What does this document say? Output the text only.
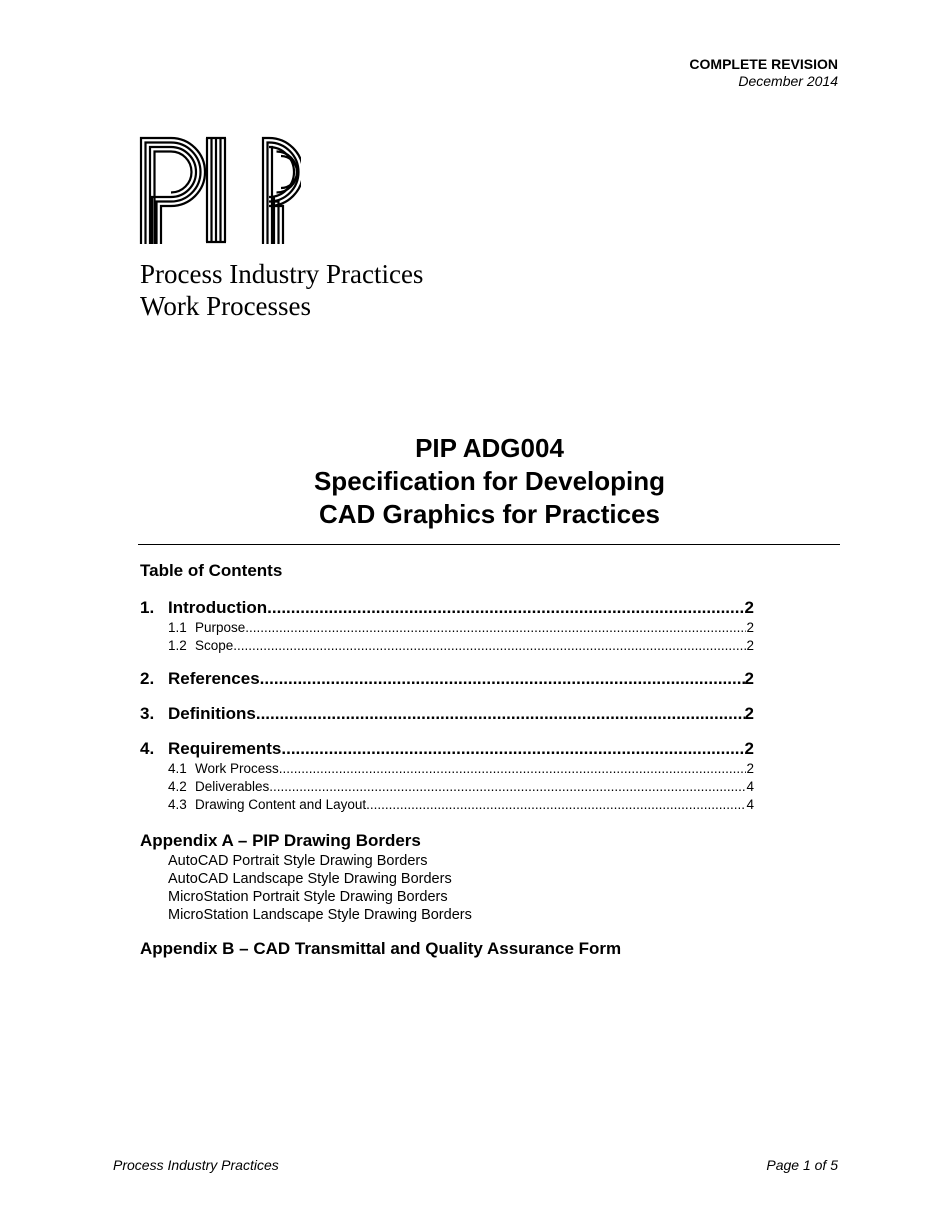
COMPLETE REVISION
December 2014
Process Industry Practices
Work Processes
PIP ADG004
Specification for Developing
CAD Graphics for Practices
Table of Contents
1. Introduction .....	2
1.1 Purpose .....	2
1.2 Scope .....	2
2. References .....	2
3. Definitions .....	2
4. Requirements .....	2
4.1 Work Process .....	2
4.2 Deliverables .....	4
4.3 Drawing Content and Layout .....	4
Appendix A – PIP Drawing Borders
AutoCAD Portrait Style Drawing Borders
AutoCAD Landscape Style Drawing Borders
MicroStation Portrait Style Drawing Borders
MicroStation Landscape Style Drawing Borders
Appendix B – CAD Transmittal and Quality Assurance Form
Process Industry Practices	Page 1 of 5
